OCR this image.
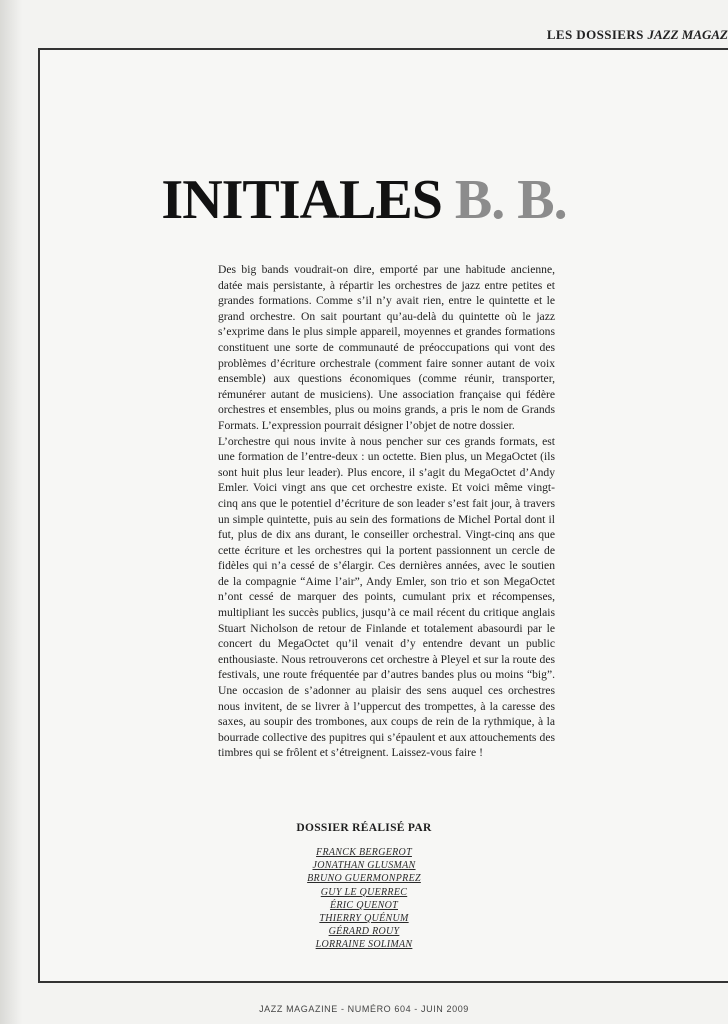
LES DOSSIERS JAZZ MAGAZ
INITIALES B. B.

Des big bands voudrait-on dire, emporté par une habitude ancienne, datée mais persistante, à répartir les orchestres de jazz entre petites et grandes formations. Comme s’il n’y avait rien, entre le quintette et le grand orchestre. On sait pourtant qu’au-delà du quintette où le jazz s’exprime dans le plus simple appareil, moyennes et grandes formations constituent une sorte de communauté de préoccupations qui vont des problèmes d’écriture orchestrale (comment faire sonner autant de voix ensemble) aux questions économiques (comme réunir, transporter, rémunérer autant de musiciens). Une association française qui fédère orchestres et ensembles, plus ou moins grands, a pris le nom de Grands Formats. L’expression pourrait désigner l’objet de notre dossier.

L’orchestre qui nous invite à nous pencher sur ces grands formats, est une formation de l’entre-deux : un octette. Bien plus, un MegaOctet (ils sont huit plus leur leader). Plus encore, il s’agit du MegaOctet d’Andy Emler. Voici vingt ans que cet orchestre existe. Et voici même vingt-cinq ans que le potentiel d’écriture de son leader s’est fait jour, à travers un simple quintette, puis au sein des formations de Michel Portal dont il fut, plus de dix ans durant, le conseiller orchestral. Vingt-cinq ans que cette écriture et les orchestres qui la portent passionnent un cercle de fidèles qui n’a cessé de s’élargir. Ces dernières années, avec le soutien de la compagnie “Aime l’air”, Andy Emler, son trio et son MegaOctet n’ont cessé de marquer des points, cumulant prix et récompenses, multipliant les succès publics, jusqu’à ce mail récent du critique anglais Stuart Nicholson de retour de Finlande et totalement abasourdi par le concert du MegaOctet qu’il venait d’y entendre devant un public enthousiaste. Nous retrouverons cet orchestre à Pleyel et sur la route des festivals, une route fréquentée par d’autres bandes plus ou moins “big”. Une occasion de s’adonner au plaisir des sens auquel ces orchestres nous invitent, de se livrer à l’uppercut des trompettes, à la caresse des saxes, au soupir des trombones, aux coups de rein de la rythmique, à la bourrade collective des pupitres qui s’épaulent et aux attouchements des timbres qui se frôlent et s’étreignent. Laissez-vous faire !

DOSSIER RÉALISÉ PAR

FRANCK BERGEROT
JONATHAN GLUSMAN
BRUNO GUERMONPREZ
GUY LE QUERREC
ÉRIC QUENOT
THIERRY QUÉNUM
GÉRARD ROUY
LORRAINE SOLIMAN
JAZZ MAGAZINE - NUMÉRO 604 - JUIN 2009
